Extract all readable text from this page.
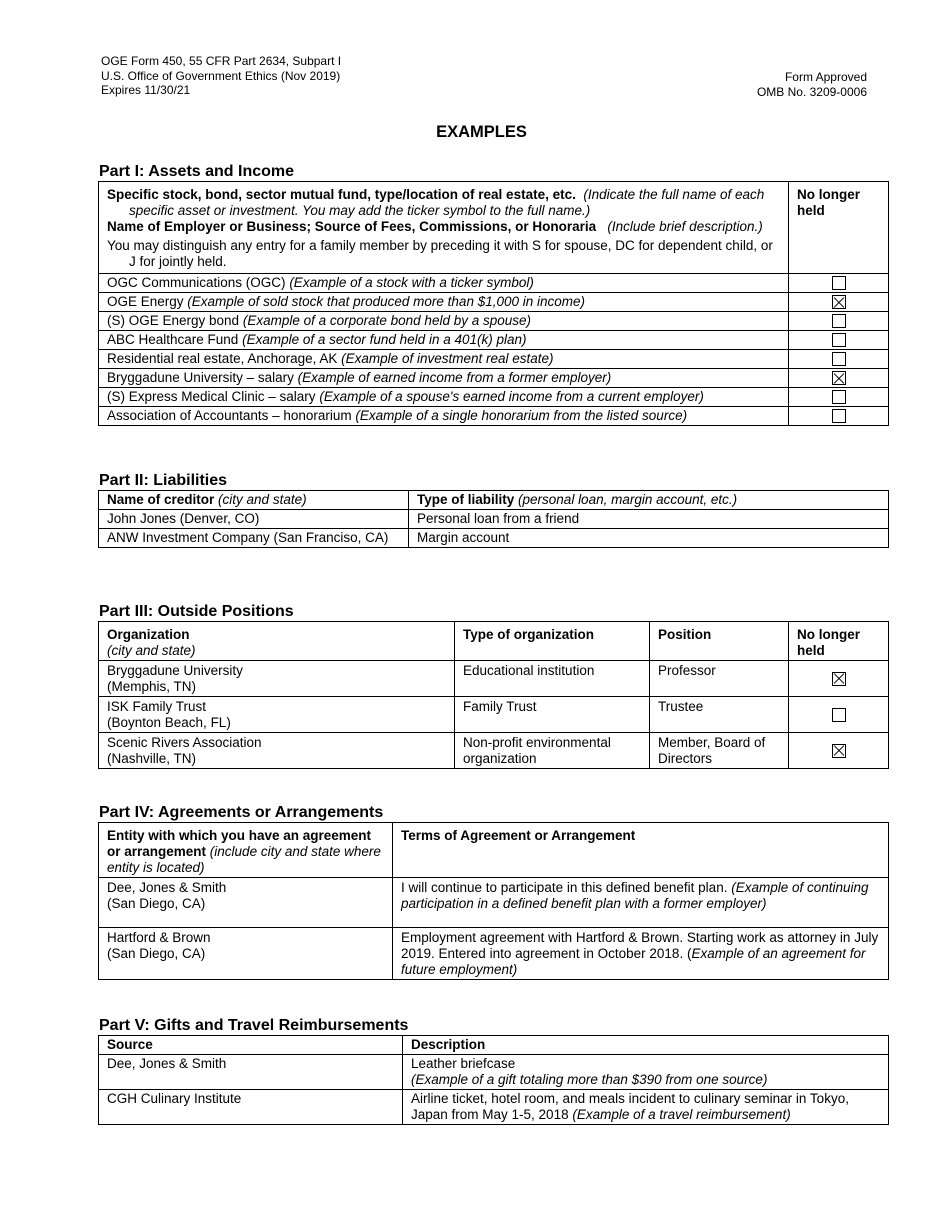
OGE Form 450, 55 CFR Part 2634, Subpart I
U.S. Office of Government Ethics (Nov 2019)
Expires 11/30/21
Form Approved
OMB No. 3209-0006
EXAMPLES
Part I: Assets and Income
Specific stock, bond, sector mutual fund, type/location of real estate, etc. (Indicate the full name of each specific asset or investment. You may add the ticker symbol to the full name.)
Name of Employer or Business; Source of Fees, Commissions, or Honoraria (Include brief description.)
You may distinguish any entry for a family member by preceding it with S for spouse, DC for dependent child, or J for jointly held.	No longer held
OGC Communications (OGC) (Example of a stock with a ticker symbol)	
OGE Energy (Example of sold stock that produced more than $1,000 in income)	
(S) OGE Energy bond (Example of a corporate bond held by a spouse)	
ABC Healthcare Fund (Example of a sector fund held in a 401(k) plan)	
Residential real estate, Anchorage, AK (Example of investment real estate)	
Bryggadune University – salary (Example of earned income from a former employer)	
(S) Express Medical Clinic – salary (Example of a spouse's earned income from a current employer)	
Association of Accountants – honorarium (Example of a single honorarium from the listed source)	
Part II: Liabilities
Name of creditor (city and state)	Type of liability (personal loan, margin account, etc.)
John Jones (Denver, CO)	Personal loan from a friend
ANW Investment Company (San Franciso, CA)	Margin account
Part III: Outside Positions
Organization
(city and state)	Type of organization	Position	No longer held

Bryggadune University
(Memphis, TN)	Educational institution	Professor	

ISK Family Trust
(Boynton Beach, FL)	Family Trust	Trustee	

Scenic Rivers Association
(Nashville, TN)	Non-profit environmental organization	Member, Board of Directors	
Part IV: Agreements or Arrangements
Entity with which you have an agreement or arrangement (include city and state where entity is located)	Terms of Agreement or Arrangement

Dee, Jones & Smith
(San Diego, CA)	I will continue to participate in this defined benefit plan. (Example of continuing participation in a defined benefit plan with a former employer)

Hartford & Brown
(San Diego, CA)	Employment agreement with Hartford & Brown. Starting work as attorney in July 2019. Entered into agreement in October 2018. (Example of an agreement for future employment)
Part V: Gifts and Travel Reimbursements
Source	Description
Dee, Jones & Smith	Leather briefcase
(Example of a gift totaling more than $390 from one source)

CGH Culinary Institute	Airline ticket, hotel room, and meals incident to culinary seminar in Tokyo, Japan from May 1-5, 2018 (Example of a travel reimbursement)
